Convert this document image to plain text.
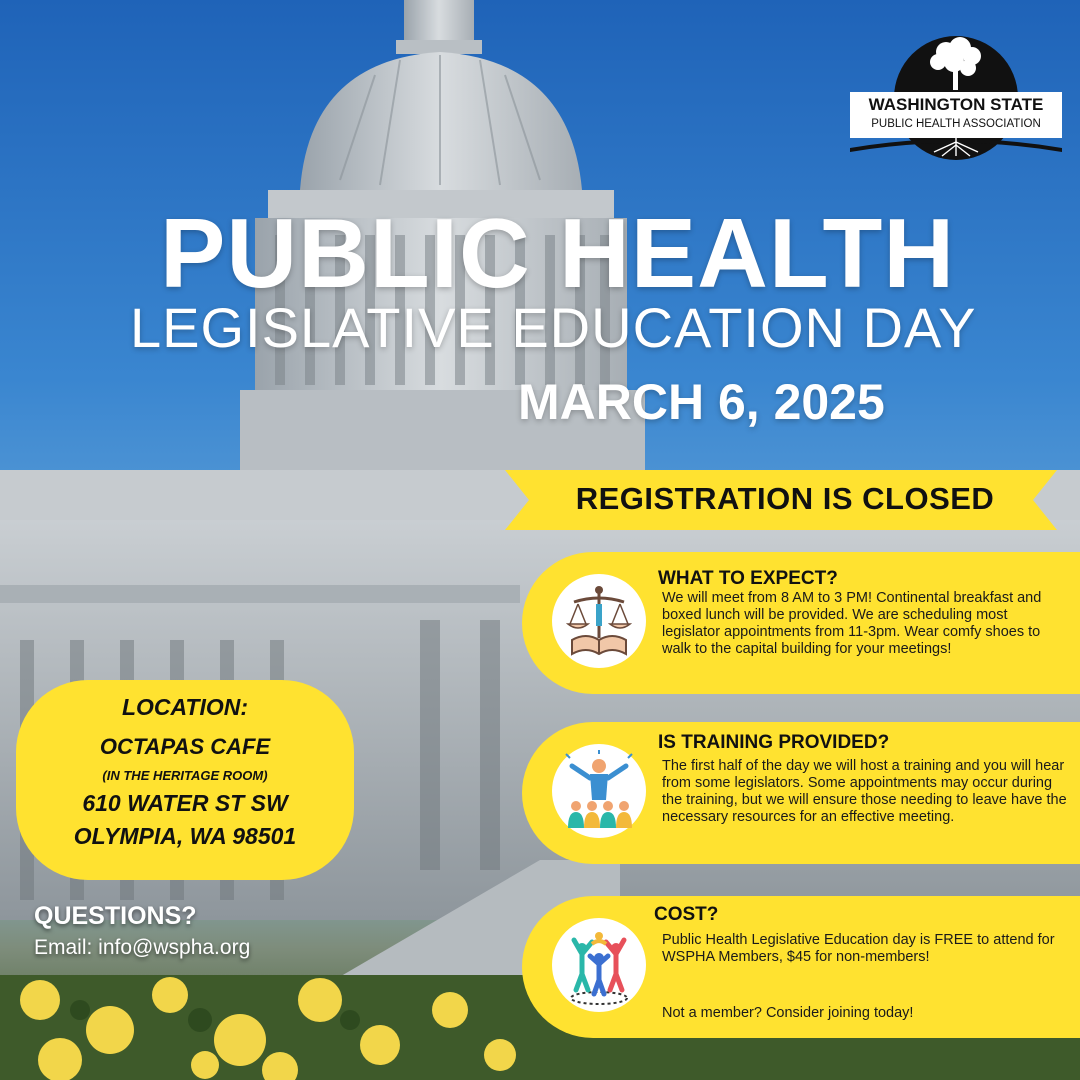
WASHINGTON STATE
PUBLIC HEALTH ASSOCIATION
PUBLIC HEALTH
LEGISLATIVE EDUCATION DAY
MARCH 6, 2025
REGISTRATION IS CLOSED
WHAT TO EXPECT?

We will meet from 8 AM to 3 PM! Continental breakfast and boxed lunch will be provided. We are scheduling most legislator appointments from 11-3pm. Wear comfy shoes to walk to the capital building for your meetings!

IS TRAINING PROVIDED?

The first half of the day we will host a training and you will hear from some legislators. Some appointments may occur during the training, but we will ensure those needing to leave have the necessary resources for an effective meeting.

COST?

Public Health Legislative Education day is FREE to attend for WSPHA Members, $45 for non-members!

Not a member? Consider joining today!

LOCATION:
OCTAPAS CAFE
(IN THE HERITAGE ROOM)
610 WATER ST SW
OLYMPIA, WA 98501
QUESTIONS?
Email: info@wspha.org
